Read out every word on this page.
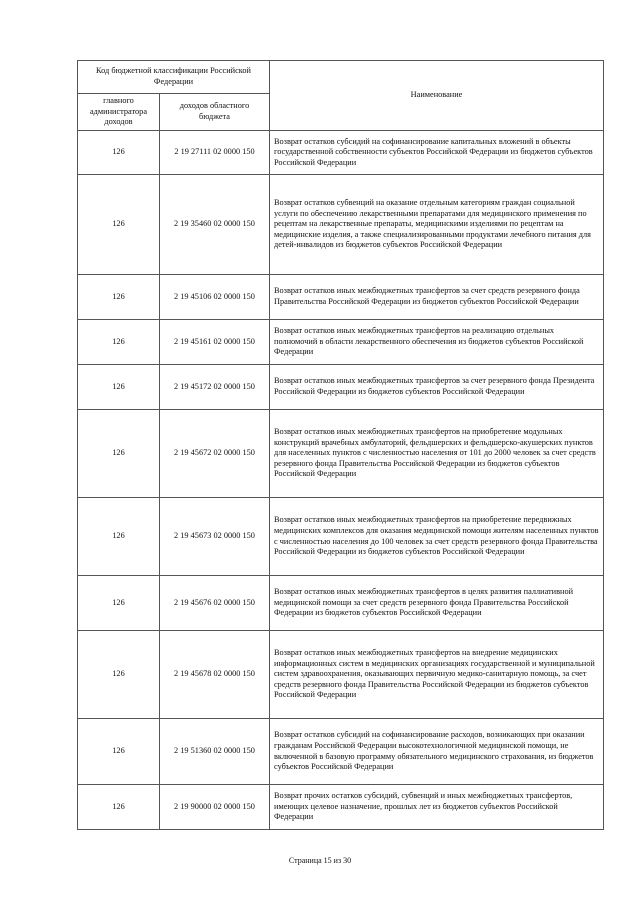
Код бюджетной классификации Российской Федерации		Наименование
главного администратора доходов	доходов областного бюджета	
126	2 19 27111 02 0000 150	Возврат остатков субсидий на софинансирование капитальных вложений в объекты государственной собственности субъектов Российской Федерации из бюджетов субъектов Российской Федерации
126	2 19 35460 02 0000 150	Возврат остатков субвенций на оказание отдельным категориям граждан социальной услуги по обеспечению лекарственными препаратами для медицинского применения по рецептам на лекарственные препараты, медицинскими изделиями по рецептам на медицинские изделия, а также специализированными продуктами лечебного питания для детей-инвалидов из бюджетов субъектов Российской Федерации
126	2 19 45106 02 0000 150	Возврат остатков иных межбюджетных трансфертов за счет средств резервного фонда Правительства Российской Федерации из бюджетов субъектов Российской Федерации
126	2 19 45161 02 0000 150	Возврат остатков иных межбюджетных трансфертов на реализацию отдельных полномочий в области лекарственного обеспечения из бюджетов субъектов Российской Федерации
126	2 19 45172 02 0000 150	Возврат остатков иных межбюджетных трансфертов за счет резервного фонда Президента Российской Федерации из бюджетов субъектов Российской Федерации
126	2 19 45672 02 0000 150	Возврат остатков иных межбюджетных трансфертов на приобретение модульных конструкций врачебных амбулаторий, фельдшерских и фельдшерско-акушерских пунктов для населенных пунктов с численностью населения от 101 до 2000 человек за счет средств резервного фонда Правительства Российской Федерации из бюджетов субъектов Российской Федерации
126	2 19 45673 02 0000 150	Возврат остатков иных межбюджетных трансфертов на приобретение передвижных медицинских комплексов для оказания медицинской помощи жителям населенных пунктов с численностью населения до 100 человек за счет средств резервного фонда Правительства Российской Федерации из бюджетов субъектов Российской Федерации
126	2 19 45676 02 0000 150	Возврат остатков иных межбюджетных трансфертов в целях развития паллиативной медицинской помощи за счет средств резервного фонда Правительства Российской Федерации из бюджетов субъектов Российской Федерации
126	2 19 45678 02 0000 150	Возврат остатков иных межбюджетных трансфертов на внедрение медицинских информационных систем в медицинских организациях государственной и муниципальной систем здравоохранения, оказывающих первичную медико-санитарную помощь, за счет средств резервного фонда Правительства Российской Федерации из бюджетов субъектов Российской Федерации
126	2 19 51360 02 0000 150	Возврат остатков субсидий на софинансирование расходов, возникающих при оказании гражданам Российской Федерации высокотехнологичной медицинской помощи, не включенной в базовую программу обязательного медицинского страхования, из бюджетов субъектов Российской Федерации
126	2 19 90000 02 0000 150	Возврат прочих остатков субсидий, субвенций и иных межбюджетных трансфертов, имеющих целевое назначение, прошлых лет из бюджетов субъектов Российской Федерации
Страница 15 из 30
